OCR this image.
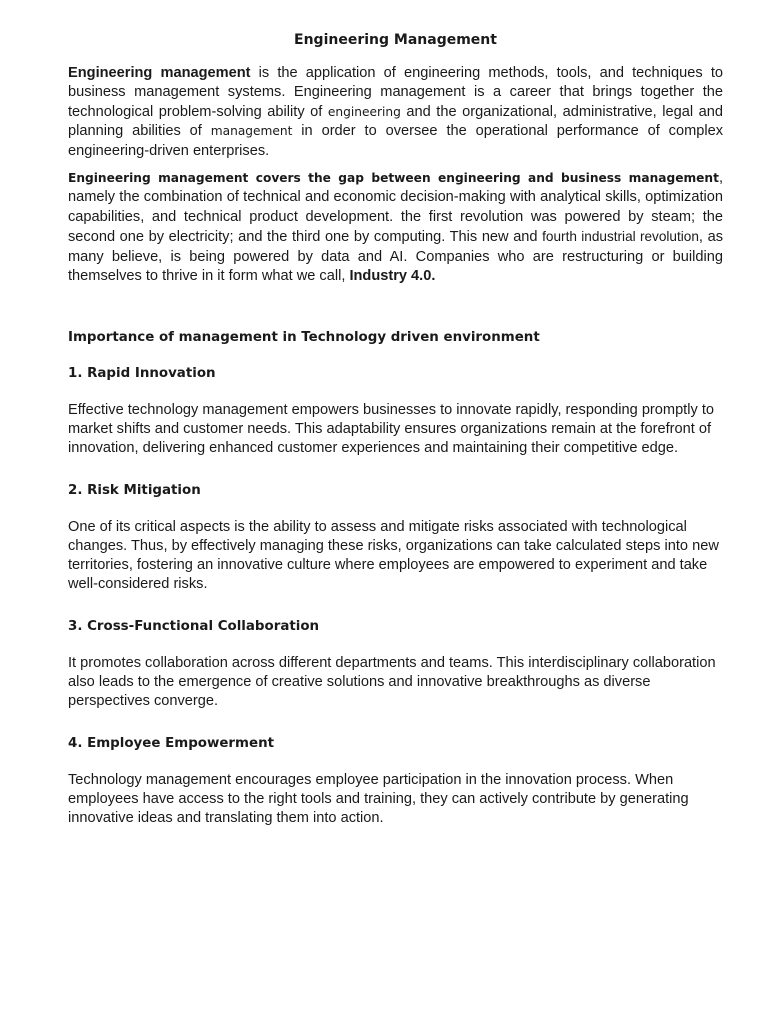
Engineering Management

Engineering management is the application of engineering methods, tools, and techniques to business management systems. Engineering management is a career that brings together the technological problem-solving ability of engineering and the organizational, administrative, legal and planning abilities of management in order to oversee the operational performance of complex engineering-driven enterprises.

Engineering management covers the gap between engineering and business management, namely the combination of technical and economic decision-making with analytical skills, optimization capabilities, and technical product development. the first revolution was powered by steam; the second one by electricity; and the third one by computing. This new and fourth industrial revolution, as many believe, is being powered by data and AI. Companies who are restructuring or building themselves to thrive in it form what we call, Industry 4.0.

Importance of management in Technology driven environment
1. Rapid Innovation

Effective technology management empowers businesses to innovate rapidly, responding promptly to market shifts and customer needs. This adaptability ensures organizations remain at the forefront of innovation, delivering enhanced customer experiences and maintaining their competitive edge.

2. Risk Mitigation

One of its critical aspects is the ability to assess and mitigate risks associated with technological changes. Thus, by effectively managing these risks, organizations can take calculated steps into new territories, fostering an innovative culture where employees are empowered to experiment and take well-considered risks.

3. Cross-Functional Collaboration

It promotes collaboration across different departments and teams. This interdisciplinary collaboration also leads to the emergence of creative solutions and innovative breakthroughs as diverse perspectives converge.

4. Employee Empowerment

Technology management encourages employee participation in the innovation process. When employees have access to the right tools and training, they can actively contribute by generating innovative ideas and translating them into action.
